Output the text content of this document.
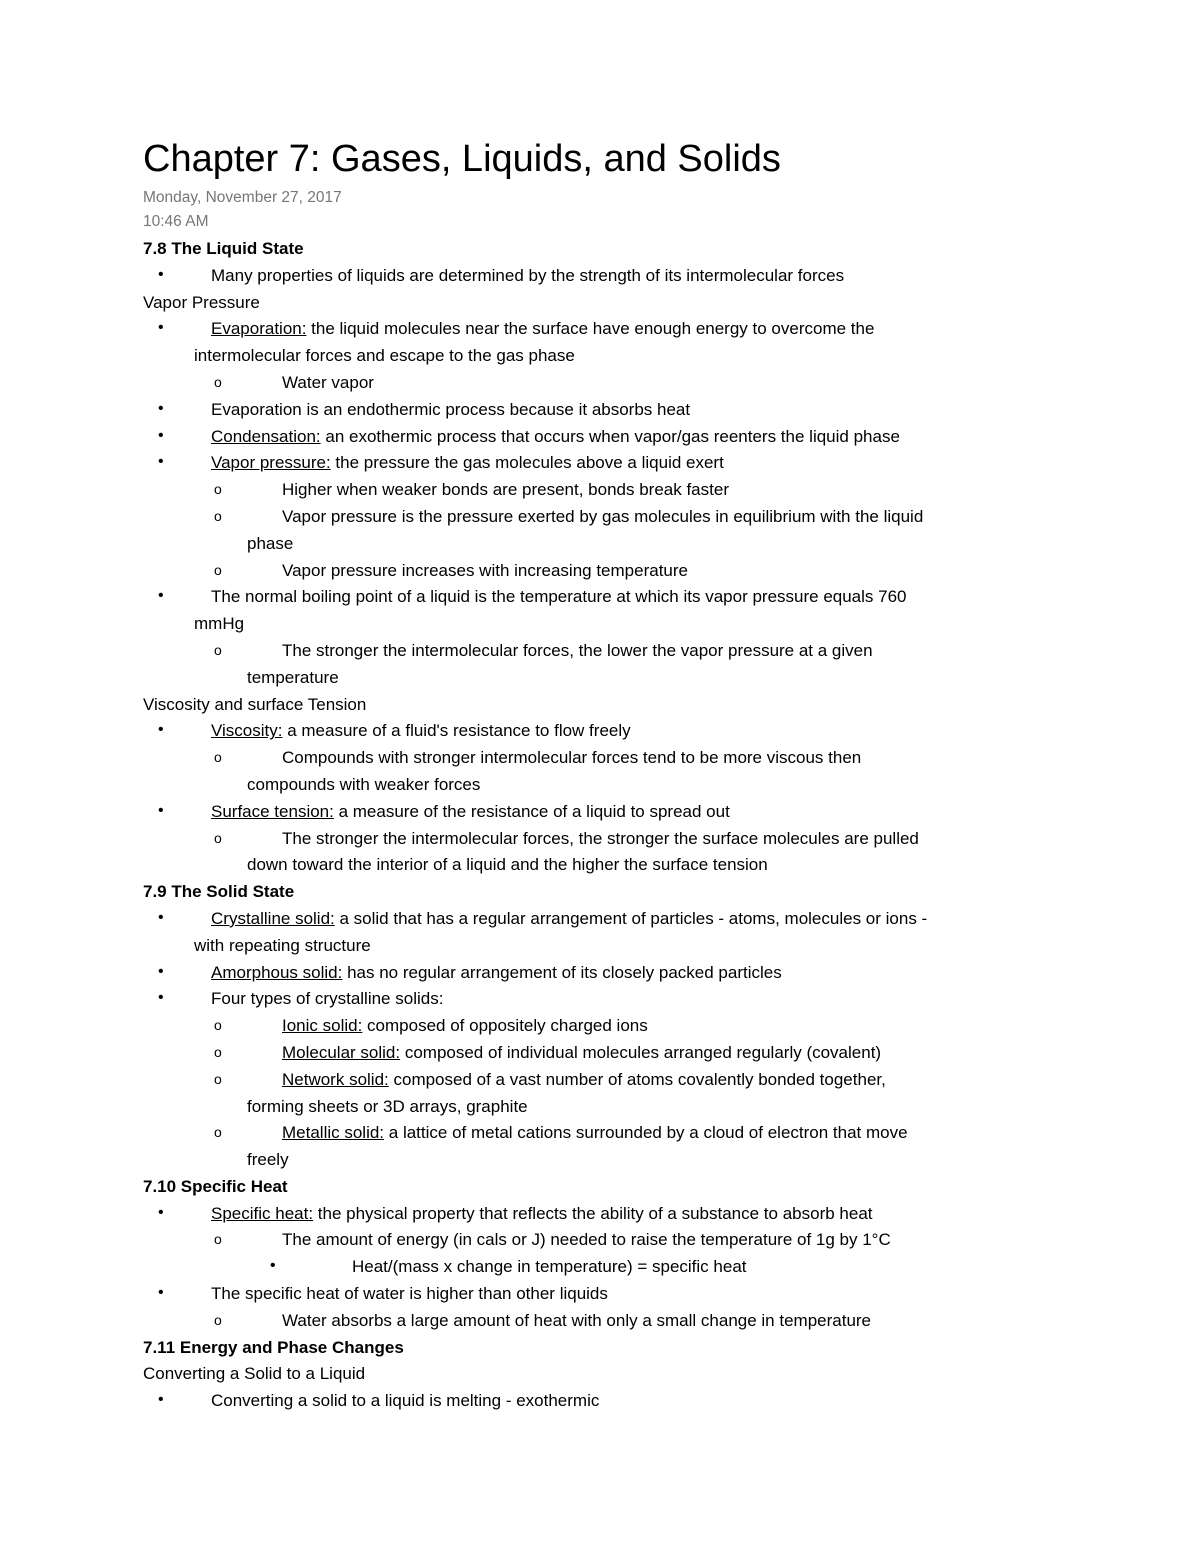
Chapter 7: Gases, Liquids, and Solids
Monday, November 27, 2017
10:46 AM
7.8 The Liquid State
•	Many properties of liquids are determined by the strength of its intermolecular forces
Vapor Pressure
•	Evaporation: the liquid molecules near the surface have enough energy to overcome the
intermolecular forces and escape to the gas phase
o	Water vapor
•	Evaporation is an endothermic process because it absorbs heat
•	Condensation: an exothermic process that occurs when vapor/gas reenters the liquid phase
•	Vapor pressure: the pressure the gas molecules above a liquid exert
o	Higher when weaker bonds are present, bonds break faster
o	Vapor pressure is the pressure exerted by gas molecules in equilibrium with the liquid
phase
o	Vapor pressure increases with increasing temperature
•	The normal boiling point of a liquid is the temperature at which its vapor pressure equals 760
mmHg
o	The stronger the intermolecular forces, the lower the vapor pressure at a given
temperature
Viscosity and surface Tension
•	Viscosity: a measure of a fluid's resistance to flow freely
o	Compounds with stronger intermolecular forces tend to be more viscous then
compounds with weaker forces
•	Surface tension: a measure of the resistance of a liquid to spread out
o	The stronger the intermolecular forces, the stronger the surface molecules are pulled
down toward the interior of a liquid and the higher the surface tension
7.9 The Solid State
•	Crystalline solid: a solid that has a regular arrangement of particles - atoms, molecules or ions -
with repeating structure
•	Amorphous solid: has no regular arrangement of its closely packed particles
•	Four types of crystalline solids:
o	Ionic solid: composed of oppositely charged ions
o	Molecular solid: composed of individual molecules arranged regularly (covalent)
o	Network solid: composed of a vast number of atoms covalently bonded together,
forming sheets or 3D arrays, graphite
o	Metallic solid: a lattice of metal cations surrounded by a cloud of electron that move
freely
7.10 Specific Heat
•	Specific heat: the physical property that reflects the ability of a substance to absorb heat
o	The amount of energy (in cals or J) needed to raise the temperature of 1g by 1°C
•	Heat/(mass x change in temperature) = specific heat
•	The specific heat of water is higher than other liquids
o	Water absorbs a large amount of heat with only a small change in temperature
7.11 Energy and Phase Changes
Converting a Solid to a Liquid
•	Converting a solid to a liquid is melting - exothermic
